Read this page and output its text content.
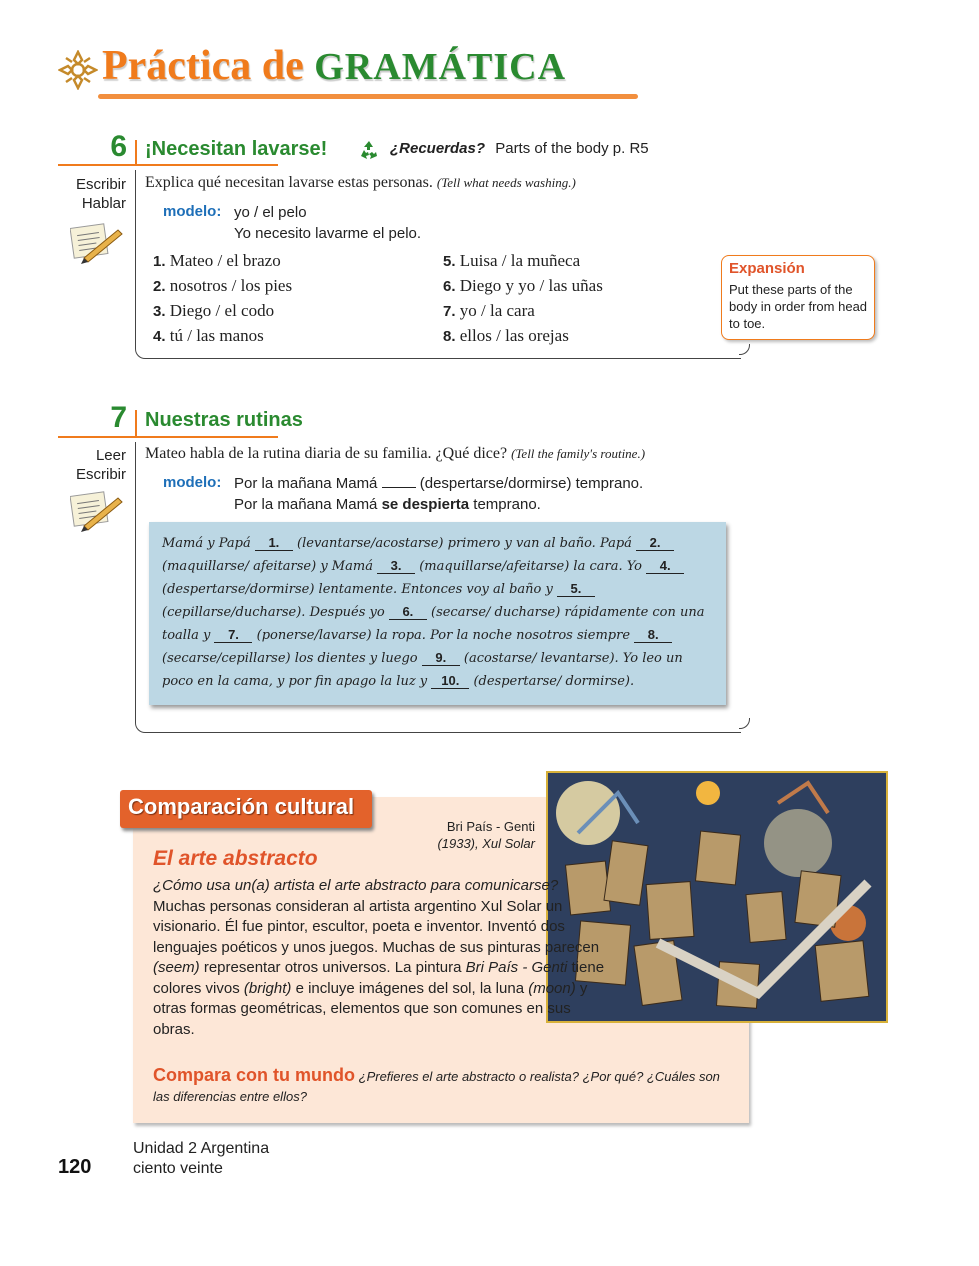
Práctica de GRAMÁTICA
6 ¡Necesitan lavarse!	¿Recuerdas? Parts of the body p. R5
Escribir
Hablar
Explica qué necesitan lavarse estas personas. (Tell what needs washing.)
modelo: yo / el pelo
Yo necesito lavarme el pelo.
1. Mateo / el brazo
2. nosotros / los pies
3. Diego / el codo
4. tú / las manos
5. Luisa / la muñeca
6. Diego y yo / las uñas
7. yo / la cara
8. ellos / las orejas
Expansión
Put these parts of the body in order from head to toe.
7 Nuestras rutinas
Leer
Escribir
Mateo habla de la rutina diaria de su familia. ¿Qué dice? (Tell the family's routine.)
modelo: Por la mañana Mamá	(despertarse/dormirse) temprano.
Por la mañana Mamá se despierta temprano.
Mamá y Papá 1. (levantarse/acostarse) primero y van al baño. Papá 2. (maquillarse/ afeitarse) y Mamá 3. (maquillarse/afeitarse) la cara. Yo 4. (despertarse/dormirse) lentamente. Entonces voy al baño y 5. (cepillarse/ducharse). Después yo 6. (secarse/ ducharse) rápidamente con una toalla y 7. (ponerse/lavarse) la ropa. Por la noche nosotros siempre 8. (secarse/cepillarse) los dientes y luego 9. (acostarse/ levantarse). Yo leo un poco en la cama, y por fin apago la luz y 10. (despertarse/ dormirse).
Comparación cultural
Bri País - Genti
(1933), Xul Solar
El arte abstracto
¿Cómo usa un(a) artista el arte abstracto para comunicarse? Muchas personas consideran al artista argentino Xul Solar un visionario. Él fue pintor, escultor, poeta e inventor. Inventó dos lenguajes poéticos y unos juegos. Muchas de sus pinturas parecen (seem) representar otros universos. La pintura Bri País - Genti tiene colores vivos (bright) e incluye imágenes del sol, la luna (moon) y otras formas geométricas, elementos que son comunes en sus obras.
Compara con tu mundo ¿Prefieres el arte abstracto o realista? ¿Por qué? ¿Cuáles son las diferencias entre ellos?
120
Unidad 2 Argentina
ciento veinte
